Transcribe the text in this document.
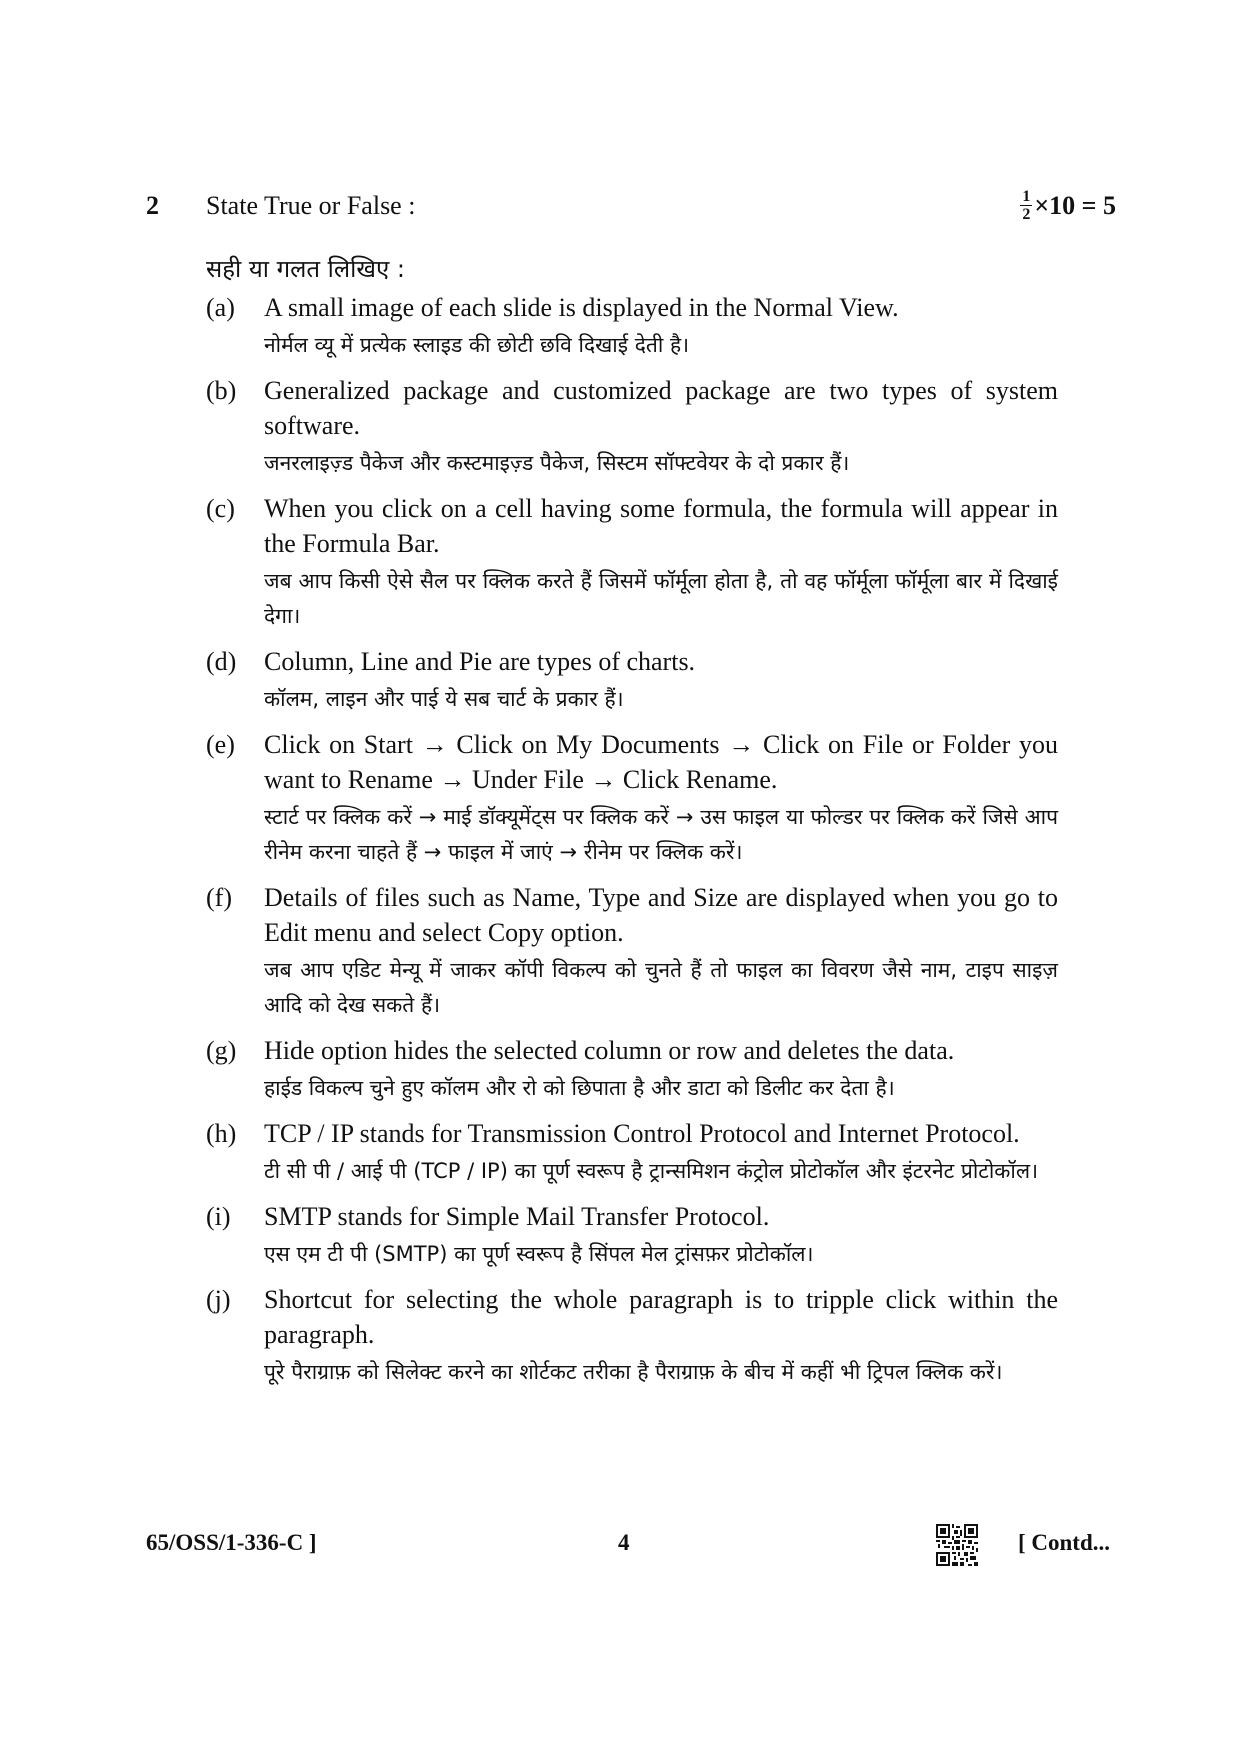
2 State True or False :	$\frac{1}{2} \times 10 = 5$
सही या गलत लिखिए :
(a)	A small image of each slide is displayed in the Normal View.
नोर्मल व्यू में प्रत्येक स्लाइड की छोटी छवि दिखाई देती है।
(b)	Generalized package and customized package are two types of system software.
जनरलाइज़्ड पैकेज और कस्टमाइज़्ड पैकेज, सिस्टम सॉफ्टवेयर के दो प्रकार हैं।
(c)	When you click on a cell having some formula, the formula will appear in the Formula Bar.
जब आप किसी ऐसे सैल पर क्लिक करते हैं जिसमें फॉर्मूला होता है, तो वह फॉर्मूला फॉर्मूला बार में दिखाई देगा।
(d)	Column, Line and Pie are types of charts.
कॉलम, लाइन और पाई ये सब चार्ट के प्रकार हैं।
(e)	Click on Start → Click on My Documents → Click on File or Folder you want to Rename → Under File → Click Rename.
स्टार्ट पर क्लिक करें → माई डॉक्यूमेंट्स पर क्लिक करें → उस फाइल या फोल्डर पर क्लिक करें जिसे आप रीनेम करना चाहते हैं → फाइल में जाएं → रीनेम पर क्लिक करें।
(f)	Details of files such as Name, Type and Size are displayed when you go to Edit menu and select Copy option.
जब आप एडिट मेन्यू में जाकर कॉपी विकल्प को चुनते हैं तो फाइल का विवरण जैसे नाम, टाइप साइज़ आदि को देख सकते हैं।
(g)	Hide option hides the selected column or row and deletes the data.
हाईड विकल्प चुने हुए कॉलम और रो को छिपाता है और डाटा को डिलीट कर देता है।
(h)	TCP / IP stands for Transmission Control Protocol and Internet Protocol.
टी सी पी / आई पी (TCP / IP) का पूर्ण स्वरूप है ट्रान्समिशन कंट्रोल प्रोटोकॉल और इंटरनेट प्रोटोकॉल।
(i)	SMTP stands for Simple Mail Transfer Protocol.
एस एम टी पी (SMTP) का पूर्ण स्वरूप है सिंपल मेल ट्रांसफ़र प्रोटोकॉल।
(j)	Shortcut for selecting the whole paragraph is to tripple click within the paragraph.
पूरे पैराग्राफ़ को सिलेक्ट करने का शोर्टकट तरीका है पैराग्राफ़ के बीच में कहीं भी ट्रिपल क्लिक करें।
65/OSS/1-336-C ]	4	[ Contd...
